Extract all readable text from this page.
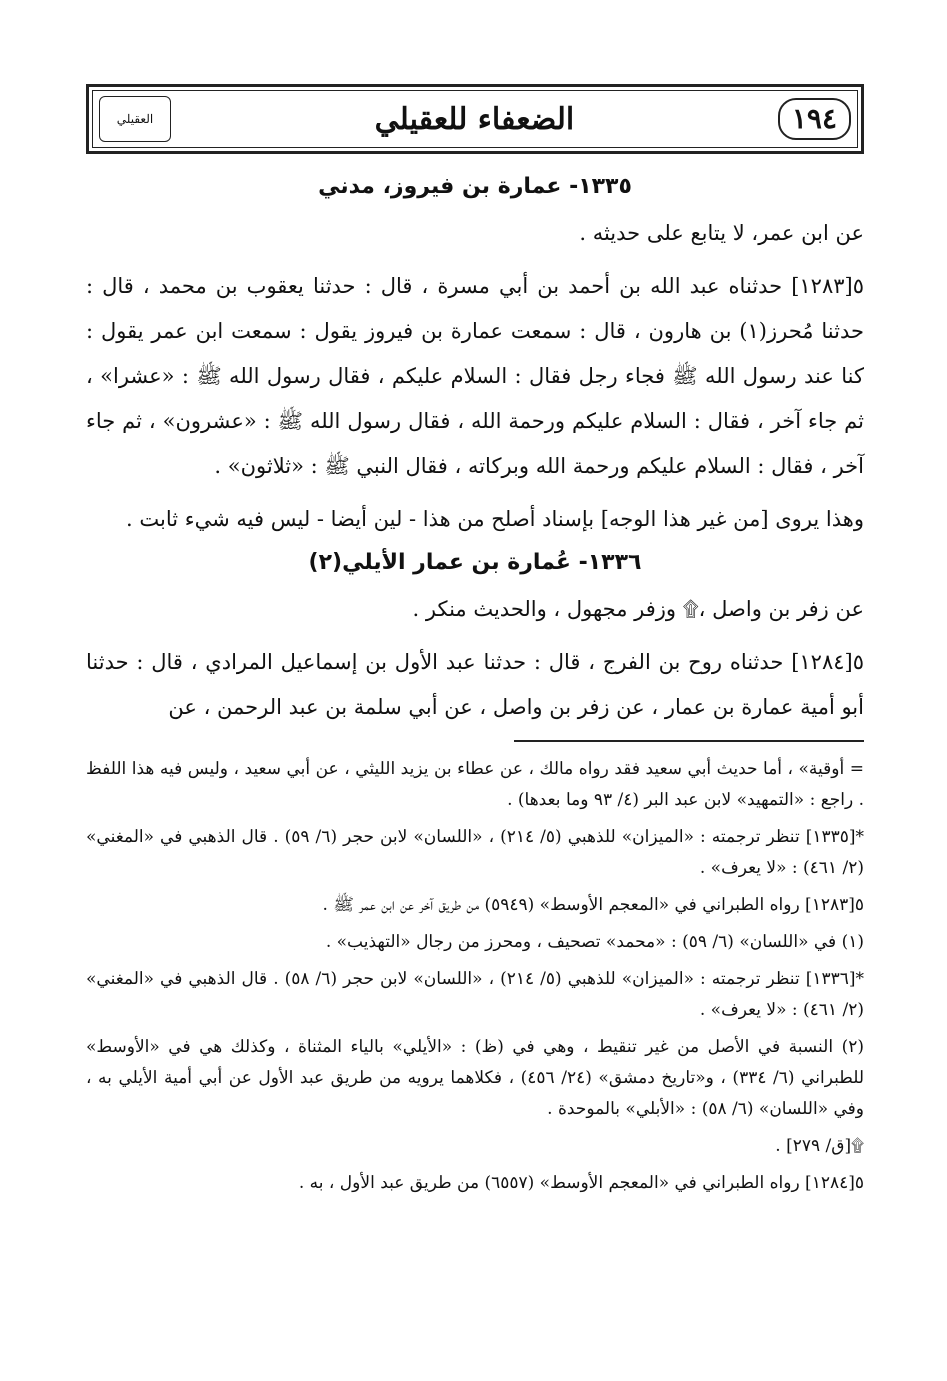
العقيلي	الضعفاء للعقيلي	١٩٤
١٣٣٥- عمارة بن فيروز، مدني

عن ابن عمر، لا يتابع على حديثه .

٥[١٢٨٣] حدثناه عبد الله بن أحمد بن أبي مسرة ، قال : حدثنا يعقوب بن محمد ، قال : حدثنا مُحرز(١) بن هارون ، قال : سمعت عمارة بن فيروز يقول : سمعت ابن عمر يقول : كنا عند رسول الله ﷺ فجاء رجل فقال : السلام عليكم ، فقال رسول الله ﷺ : «عشرا» ، ثم جاء آخر ، فقال : السلام عليكم ورحمة الله ، فقال رسول الله ﷺ : «عشرون» ، ثم جاء آخر ، فقال : السلام عليكم ورحمة الله وبركاته ، فقال النبي ﷺ : «ثلاثون» .

وهذا يروى [من غير هذا الوجه] بإسناد أصلح من هذا - لين أيضا - ليس فيه شيء ثابت .

١٣٣٦- عُمارة بن عمار الأيلي(٢)

عن زفر بن واصل ،۩ وزفر مجهول ، والحديث منكر .

٥[١٢٨٤] حدثناه روح بن الفرج ، قال : حدثنا عبد الأول بن إسماعيل المرادي ، قال : حدثنا أبو أمية عمارة بن عمار ، عن زفر بن واصل ، عن أبي سلمة بن عبد الرحمن ، عن

= أوقية» ، أما حديث أبي سعيد فقد رواه مالك ، عن عطاء بن يزيد الليثي ، عن أبي سعيد ، وليس فيه هذا اللفظ . راجع : «التمهيد» لابن عبد البر (٤/ ٩٣ وما بعدها) .

*[١٣٣٥] تنظر ترجمته : «الميزان» للذهبي (٥/ ٢١٤) ، «اللسان» لابن حجر (٦/ ٥٩) . قال الذهبي في «المغني» (٢/ ٤٦١) : «لا يعرف» .

٥[١٢٨٣] رواه الطبراني في «المعجم الأوسط» (٥٩٤٩) من طريق آخر عن ابن عمر ﷺ .

(١) في «اللسان» (٦/ ٥٩) : «محمد» تصحيف ، ومحرز من رجال «التهذيب» .

*[١٣٣٦] تنظر ترجمته : «الميزان» للذهبي (٥/ ٢١٤) ، «اللسان» لابن حجر (٦/ ٥٨) . قال الذهبي في «المغني» (٢/ ٤٦١) : «لا يعرف» .

(٢) النسبة في الأصل من غير تنقيط ، وهي في (ظ) : «الأيلي» بالياء المثناة ، وكذلك هي في «الأوسط» للطبراني (٦/ ٣٣٤) ، و«تاريخ دمشق» (٢٤/ ٤٥٦) ، فكلاهما يرويه من طريق عبد الأول عن أبي أمية الأيلي به ، وفي «اللسان» (٦/ ٥٨) : «الأبلي» بالموحدة .

۩[ق/ ٢٧٩] .

٥[١٢٨٤] رواه الطبراني في «المعجم الأوسط» (٦٥٥٧) من طريق عبد الأول ، به .
